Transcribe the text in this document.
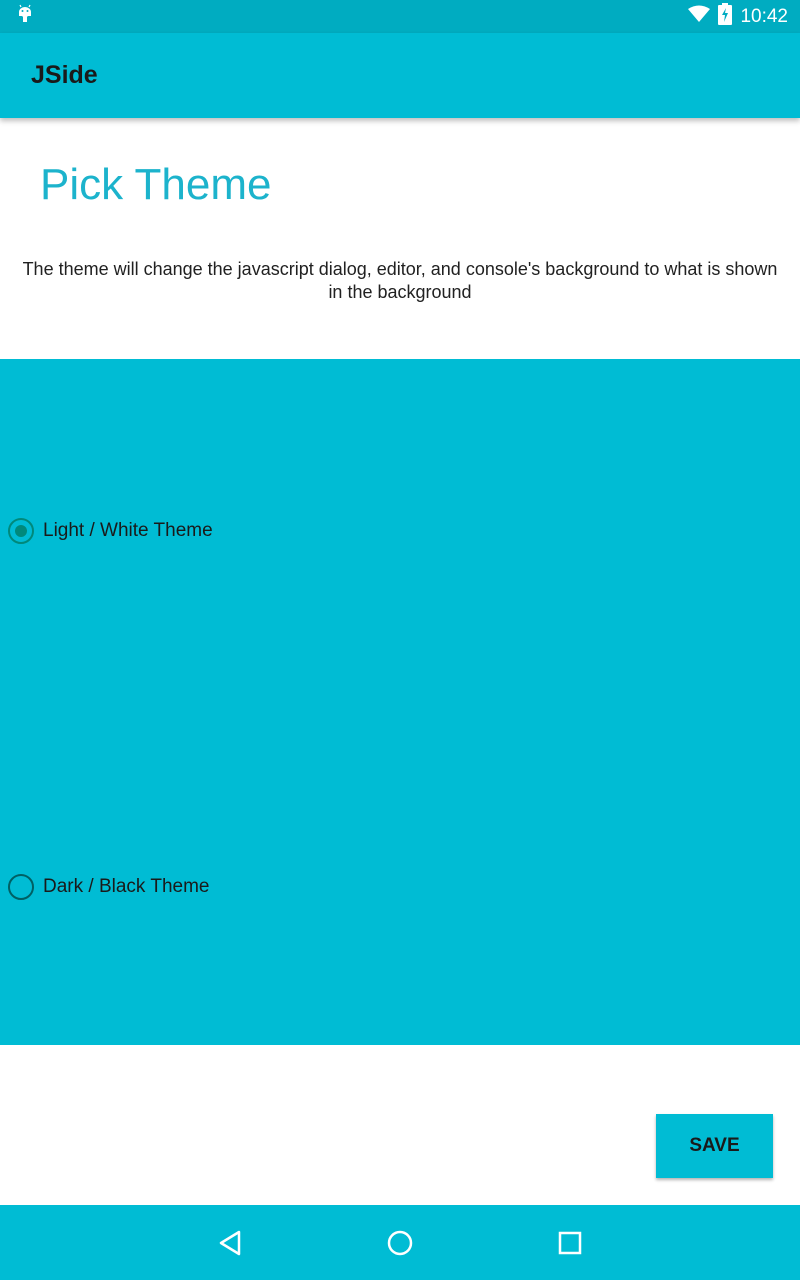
10:42
JSide
Pick Theme
The theme will change the javascript dialog, editor, and console's background to what is shown in the background
Light / White Theme
Dark / Black Theme
SAVE
